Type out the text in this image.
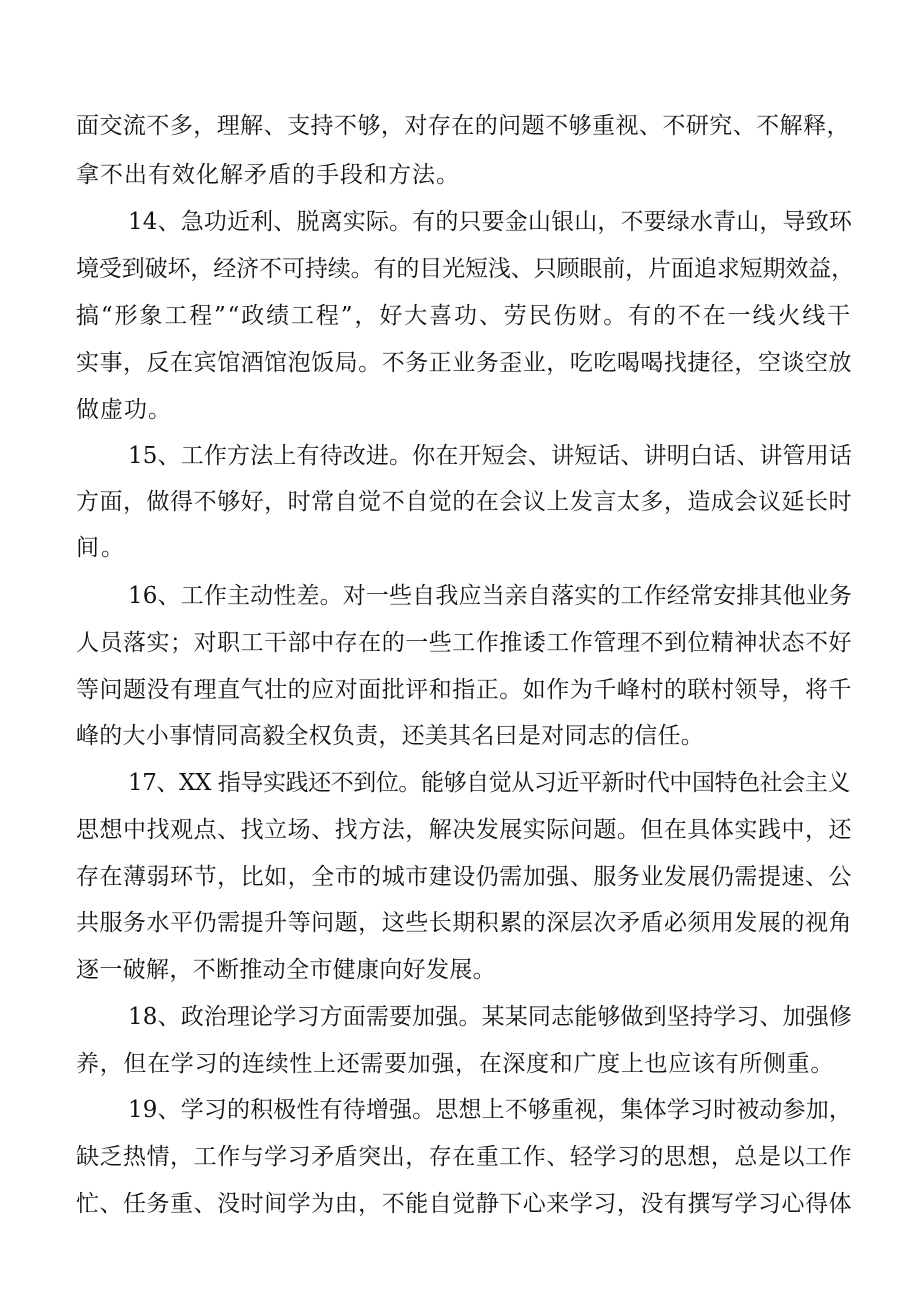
面交流不多，理解、支持不够，对存在的问题不够重视、不研究、不解释，
拿不出有效化解矛盾的手段和方法。
14、急功近利、脱离实际。有的只要金山银山，不要绿水青山，导致环
境受到破坏，经济不可持续。有的目光短浅、只顾眼前，片面追求短期效益，
搞“形象工程”“政绩工程”，好大喜功、劳民伤财。有的不在一线火线干
实事，反在宾馆酒馆泡饭局。不务正业务歪业，吃吃喝喝找捷径，空谈空放
做虚功。
15、工作方法上有待改进。你在开短会、讲短话、讲明白话、讲管用话
方面，做得不够好，时常自觉不自觉的在会议上发言太多，造成会议延长时
间。
16、工作主动性差。对一些自我应当亲自落实的工作经常安排其他业务
人员落实；对职工干部中存在的一些工作推诿工作管理不到位精神状态不好
等问题没有理直气壮的应对面批评和指正。如作为千峰村的联村领导，将千
峰的大小事情同高毅全权负责，还美其名曰是对同志的信任。
17、XX 指导实践还不到位。能够自觉从习近平新时代中国特色社会主义
思想中找观点、找立场、找方法，解决发展实际问题。但在具体实践中，还
存在薄弱环节，比如，全市的城市建设仍需加强、服务业发展仍需提速、公
共服务水平仍需提升等问题，这些长期积累的深层次矛盾必须用发展的视角
逐一破解，不断推动全市健康向好发展。
18、政治理论学习方面需要加强。某某同志能够做到坚持学习、加强修
养，但在学习的连续性上还需要加强，在深度和广度上也应该有所侧重。
19、学习的积极性有待增强。思想上不够重视，集体学习时被动参加，
缺乏热情，工作与学习矛盾突出，存在重工作、轻学习的思想，总是以工作
忙、任务重、没时间学为由，不能自觉静下心来学习，没有撰写学习心得体
